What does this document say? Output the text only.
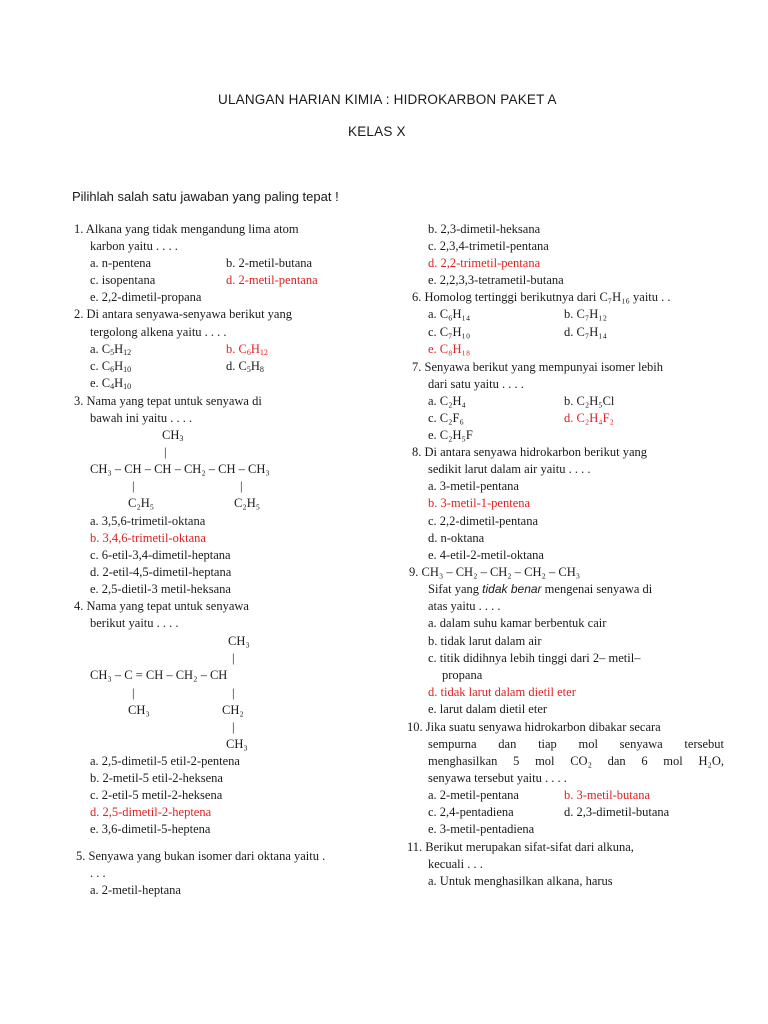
ULANGAN HARIAN KIMIA : HIDROKARBON PAKET A
KELAS X
Pilihlah salah satu jawaban yang paling tepat !
1. Alkana yang tidak mengandung lima atom
karbon yaitu . . . .
a. n-pentena	b. 2-metil-butana
c. isopentana	d. 2-metil-pentana
e. 2,2-dimetil-propana
2. Di antara senyawa-senyawa berikut yang
tergolong alkena yaitu . . . .
a. $C_5H_{12}$	b. $C_6H_{12}$
c. $C_6H_{10}$	d. $C_5H_8$
e. $C_4H_{10}$
3. Nama yang tepat untuk senyawa di
bawah ini yaitu . . . .
$CH_3$
|
CH₃ – CH – CH – CH₂ – CH – CH₃
|	|
C₂H₅	C₂H₅
a. 3,5,6-trimetil-oktana
b. 3,4,6-trimetil-oktana
c. 6-etil-3,4-dimetil-heptana
d. 2-etil-4,5-dimetil-heptana
e. 2,5-dietil-3 metil-heksana
4. Nama yang tepat untuk senyawa
berikut yaitu . . . .
CH₃
|
CH₃ – C = CH – CH₂ – CH
|	|
CH₃	CH₂
|
CH₃
a. 2,5-dimetil-5 etil-2-pentena
b. 2-metil-5 etil-2-heksena
c. 2-etil-5 metil-2-heksena
d. 2,5-dimetil-2-heptena
e. 3,6-dimetil-5-heptena
5. Senyawa yang bukan isomer dari oktana yaitu .
. . .
a. 2-metil-heptana
b. 2,3-dimetil-heksana
c. 2,3,4-trimetil-pentana
d. 2,2-trimetil-pentana
e. 2,2,3,3-tetrametil-butana
6. Homolog tertinggi berikutnya dari C₇H₁₆ yaitu . .
a. C₆H₁₄	b. C₇H₁₂
c. C₇H₁₀	d. C₇H₁₄
e. C₈H₁₈
7. Senyawa berikut yang mempunyai isomer lebih
dari satu yaitu . . . .
a. C₂H₄	b. C₂H₅Cl
c. C₂F₆	d. C₂H₄F₂
e. C₂H₅F
8. Di antara senyawa hidrokarbon berikut yang
sedikit larut dalam air yaitu . . . .
a. 3-metil-pentana
b. 3-metil-1-pentena
c. 2,2-dimetil-pentana
d. n-oktana
e. 4-etil-2-metil-oktana
9. CH₃ – CH₂ – CH₂ – CH₂ – CH₃
Sifat yang tidak benar mengenai senyawa di
atas yaitu . . . .
a. dalam suhu kamar berbentuk cair
b. tidak larut dalam air
c. titik didihnya lebih tinggi dari 2– metil–
propana
d. tidak larut dalam dietil eter
e. larut dalam dietil eter
10. Jika suatu senyawa hidrokarbon dibakar secara
sempurna dan tiap mol senyawa tersebut
menghasilkan 5 mol CO₂ dan 6 mol H₂O,
senyawa tersebut yaitu . . . .
a. 2-metil-pentana	b. 3-metil-butana
c. 2,4-pentadiena	d. 2,3-dimetil-butana
e. 3-metil-pentadiena
11. Berikut merupakan sifat-sifat dari alkuna,
kecuali . . .
a. Untuk menghasilkan alkana, harus
